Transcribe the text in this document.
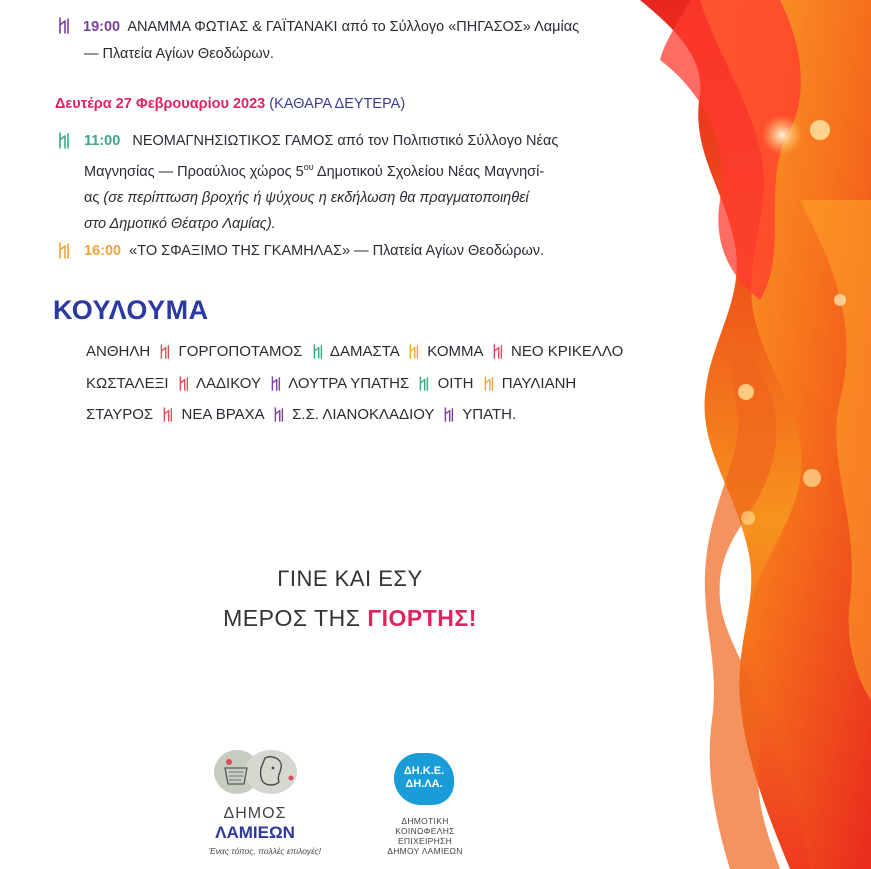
19:00 ΑΝΑΜΜΑ ΦΩΤΙΑΣ & ΓΑΪΤΑΝΑΚΙ από το Σύλλογο «ΠΗΓΑΣΟΣ» Λαμίας
— Πλατεία Αγίων Θεοδώρων.
Δευτέρα 27 Φεβρουαρίου 2023 (ΚΑΘΑΡΑ ΔΕΥΤΕΡΑ)
11:00 ΝΕΟΜΑΓΝΗΣΙΩΤΙΚΟΣ ΓΑΜΟΣ από τον Πολιτιστικό Σύλλογο Νέας
Μαγνησίας — Προαύλιος χώρος $5^{o\upsilon}$ Δημοτικού Σχολείου Νέας Μαγνησί-
ας (σε περίπτωση βροχής ή ψύχους η εκδήλωση θα πραγματοποιηθεί
στο Δημοτικό Θέατρο Λαμίας).
16:00 «ΤΟ ΣΦΑΞΙΜΟ ΤΗΣ ΓΚΑΜΗΛΑΣ» — Πλατεία Αγίων Θεοδώρων.
ΚΟΥΛΟΥΜΑ
ΑΝΘΗΛΗ ΓΟΡΓΟΠΟΤΑΜΟΣ ΔΑΜΑΣΤΑ ΚΟΜΜΑ ΝΕΟ ΚΡΙΚΕΛΛΟ
ΚΩΣΤΑΛΕΞΙ ΛΑΔΙΚΟΥ ΛΟΥΤΡΑ ΥΠΑΤΗΣ ΟΙΤΗ ΠΑΥΛΙΑΝΗ
ΣΤΑΥΡΟΣ ΝΕΑ ΒΡΑΧΑ Σ.Σ. ΛΙΑΝΟΚΛΑΔΙΟΥ ΥΠΑΤΗ.
ΓΙΝΕ ΚΑΙ ΕΣΥ
ΜΕΡΟΣ ΤΗΣ ΓΙΟΡΤΗΣ!
ΔΗΜΟΣ
ΛΑΜΙΕΩΝ
Ένας τόπος, πολλές επιλογές!
ΔΗ.Κ.Ε.
ΔΗ.ΛΑ.
ΔΗΜΟΤΙΚΗ
ΚΟΙΝΩΦΕΛΗΣ
ΕΠΙΧΕΙΡΗΣΗ
ΔΗΜΟΥ ΛΑΜΙΕΩΝ
